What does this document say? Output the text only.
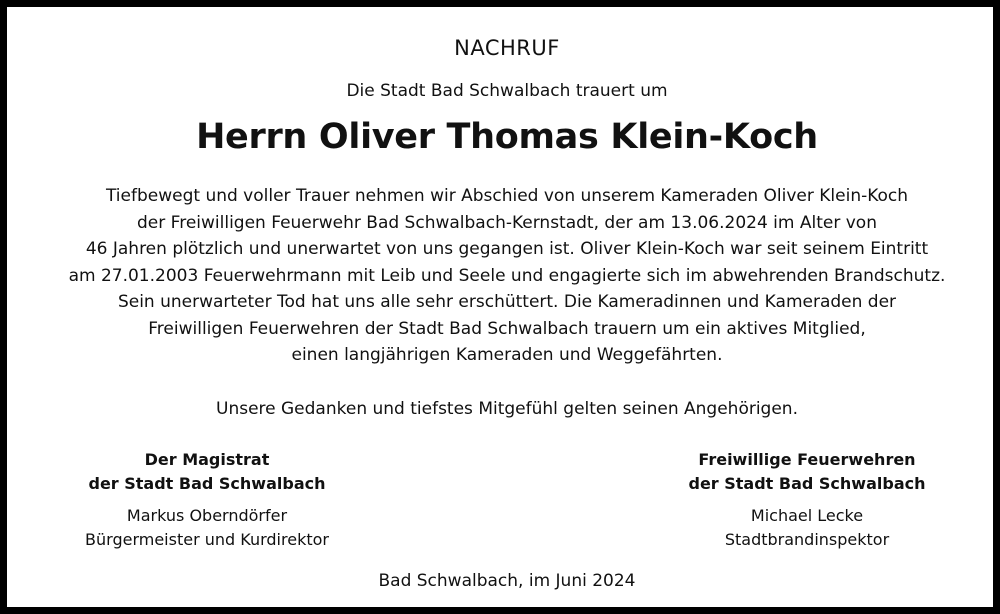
NACHRUF
Die Stadt Bad Schwalbach trauert um
Herrn Oliver Thomas Klein-Koch
Tiefbewegt und voller Trauer nehmen wir Abschied von unserem Kameraden Oliver Klein-Koch
der Freiwilligen Feuerwehr Bad Schwalbach-Kernstadt, der am 13.06.2024 im Alter von
46 Jahren plötzlich und unerwartet von uns gegangen ist. Oliver Klein-Koch war seit seinem Eintritt
am 27.01.2003 Feuerwehrmann mit Leib und Seele und engagierte sich im abwehrenden Brandschutz.
Sein unerwarteter Tod hat uns alle sehr erschüttert. Die Kameradinnen und Kameraden der
Freiwilligen Feuerwehren der Stadt Bad Schwalbach trauern um ein aktives Mitglied,
einen langjährigen Kameraden und Weggefährten.
Unsere Gedanken und tiefstes Mitgefühl gelten seinen Angehörigen.
Der Magistrat
der Stadt Bad Schwalbach
Markus Oberndörfer
Bürgermeister und Kurdirektor
Freiwillige Feuerwehren
der Stadt Bad Schwalbach
Michael Lecke
Stadtbrandinspektor
Bad Schwalbach, im Juni 2024
